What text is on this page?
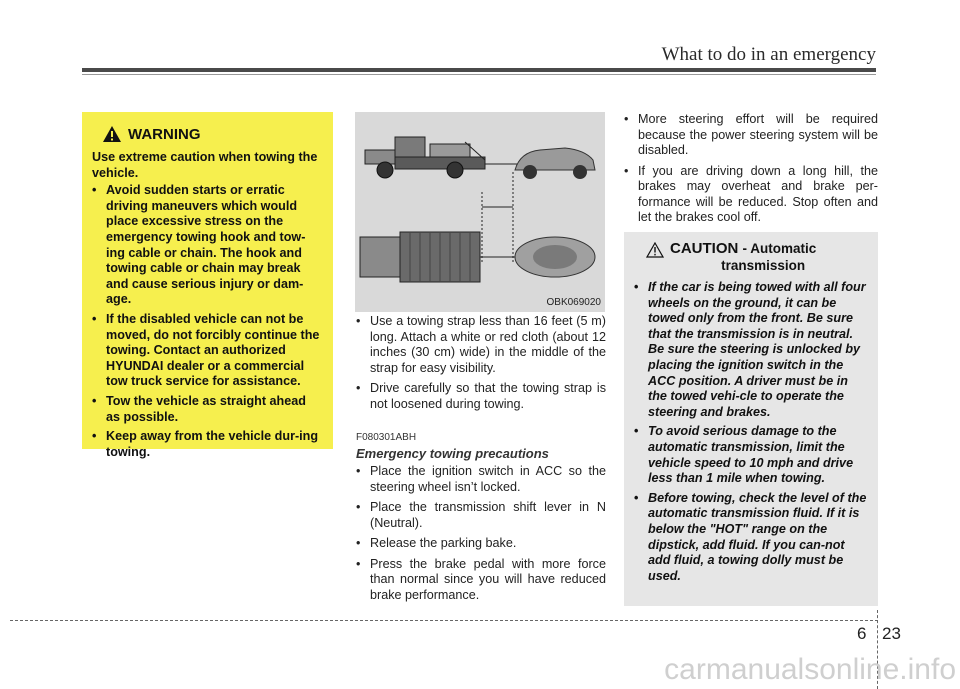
What to do in an emergency
WARNING
Use extreme caution when towing the vehicle.
• Avoid sudden starts or erratic driving maneuvers which would place excessive stress on the emergency towing hook and tow-ing cable or chain. The hook and towing cable or chain may break and cause serious injury or dam-age.
• If the disabled vehicle can not be moved, do not forcibly continue the towing. Contact an authorized HYUNDAI dealer or a commercial tow truck service for assistance.
• Tow the vehicle as straight ahead as possible.
• Keep away from the vehicle dur-ing towing.
OBK069020
• Use a towing strap less than 16 feet (5 m) long. Attach a white or red cloth (about 12 inches (30 cm) wide) in the middle of the strap for easy visibility.
• Drive carefully so that the towing strap is not loosened during towing.
F080301ABH
Emergency towing precautions
• Place the ignition switch in ACC so the steering wheel isn’t locked.
• Place the transmission shift lever in N (Neutral).
• Release the parking bake.
• Press the brake pedal with more force than normal since you will have reduced brake performance.
• More steering effort will be required because the power steering system will be disabled.
• If you are driving down a long hill, the brakes may overheat and brake per-formance will be reduced. Stop often and let the brakes cool off.
CAUTION - Automatic
transmission
• If the car is being towed with all four wheels on the ground, it can be towed only from the front. Be sure that the transmission is in neutral. Be sure the steering is unlocked by placing the ignition switch in the ACC position. A driver must be in the towed vehi-cle to operate the steering and brakes.
• To avoid serious damage to the automatic transmission, limit the vehicle speed to 10 mph and drive less than 1 mile when towing.
• Before towing, check the level of the automatic transmission fluid. If it is below the "HOT" range on the dipstick, add fluid. If you can-not add fluid, a towing dolly must be used.
6 23
carmanualsonline.info
